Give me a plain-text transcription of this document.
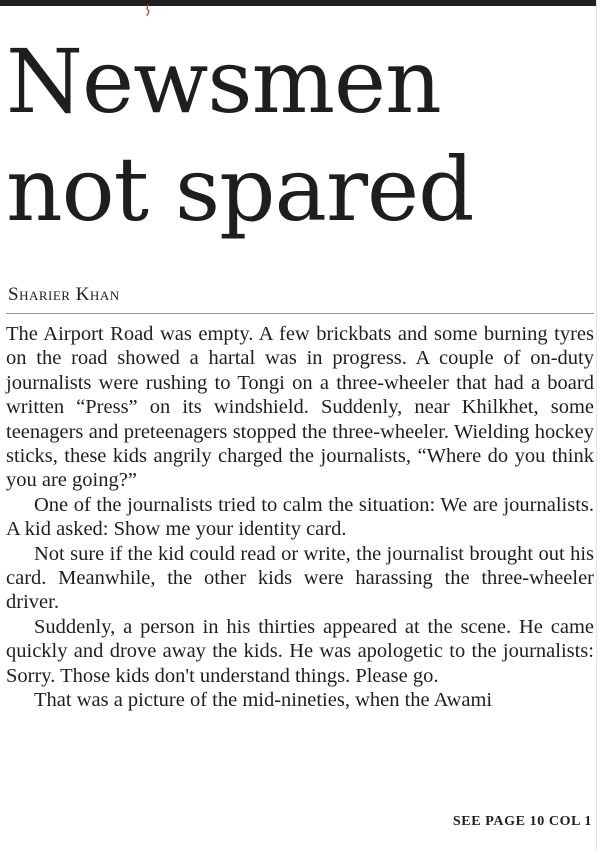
Newsmen
not spared
Sharier Khan

The Airport Road was empty. A few brickbats and some burning tyres on the road showed a hartal was in progress. A couple of on-duty journalists were rushing to Tongi on a three-wheeler that had a board written “Press” on its windshield. Suddenly, near Khilkhet, some teenagers and preteenagers stopped the three-wheeler. Wielding hockey sticks, these kids angrily charged the journalists, “Where do you think you are going?”

One of the journalists tried to calm the situation: We are journalists. A kid asked: Show me your identity card.

Not sure if the kid could read or write, the journalist brought out his card. Meanwhile, the other kids were harassing the three-wheeler driver.

Suddenly, a person in his thirties appeared at the scene. He came quickly and drove away the kids. He was apologetic to the journalists: Sorry. Those kids don't understand things. Please go.

That was a picture of the mid-nineties, when the Awami

SEE PAGE 10 COL 1
